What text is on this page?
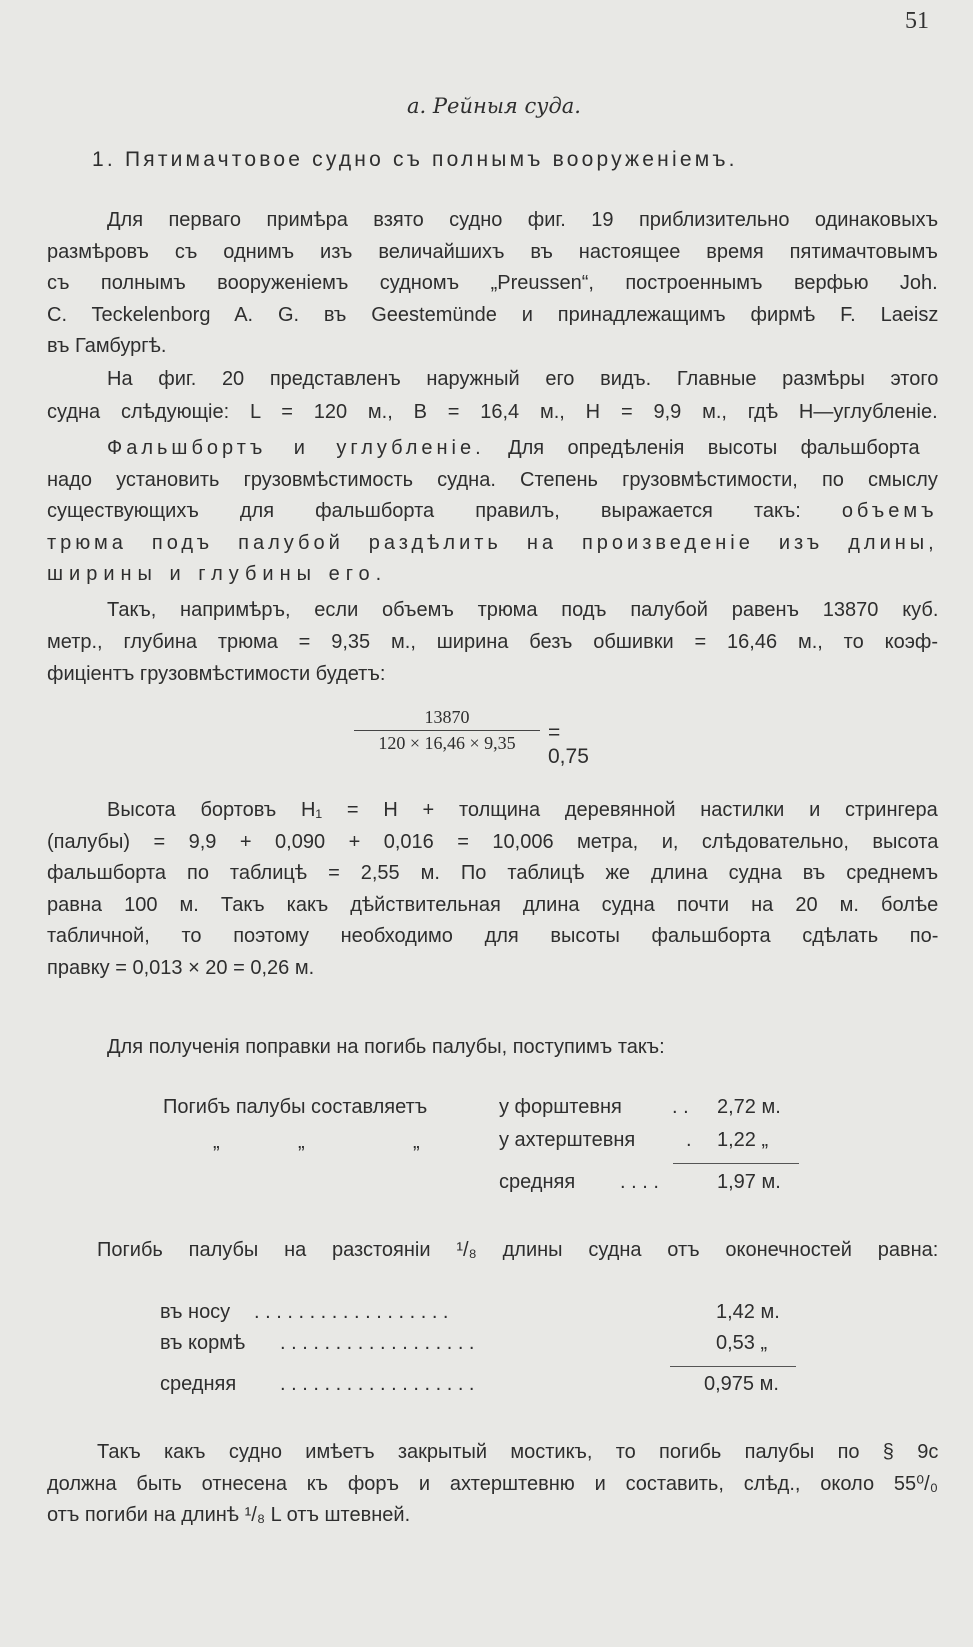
51
a. Рейныя суда.
1. Пятимачтовое судно съ полнымъ вооруженіемъ.
Для перваго примѣра взято судно фиг. 19 приблизительно одинаковыхъ
размѣровъ съ однимъ изъ величайшихъ въ настоящее время пятимачтовымъ
съ полнымъ вооруженіемъ судномъ „Preussen“, построеннымъ верфью Joh.
C. Teckelenborg A. G. въ Geestemünde и принадлежащимъ фирмѣ F. Laeisz
въ Гамбургѣ.
На фиг. 20 представленъ наружный его видъ. Главные размѣры этого
судна слѣдующіе: L = 120 м., B = 16,4 м., H = 9,9 м., гдѣ H—углубленіе.
Фальшбортъ и углубленіе. Для опредѣленія высоты фальшборта
надо установить грузовмѣстимость судна. Степень грузовмѣстимости, по смыслу
существующихъ для фальшборта правилъ, выражается такъ: объемъ
трюма подъ палубой раздѣлить на произведеніе изъ длины,
ширины и глубины его.
Такъ, напримѣръ, если объемъ трюма подъ палубой равенъ 13870 куб.
метр., глубина трюма = 9,35 м., ширина безъ обшивки = 16,46 м., то коэф-
фиціентъ грузовмѣстимости будетъ:
13870
120 × 16,46 × 9,35	= 0,75
Высота бортовъ H₁ = H + толщина деревянной настилки и стрингера
(палубы) = 9,9 + 0,090 + 0,016 = 10,006 метра, и, слѣдовательно, высота
фальшборта по таблицѣ = 2,55 м. По таблицѣ же длина судна въ среднемъ
равна 100 м. Такъ какъ дѣйствительная длина судна почти на 20 м. болѣе
табличной, то поэтому необходимо для высоты фальшборта сдѣлать по-
правку = 0,013 × 20 = 0,26 м.
Для полученія поправки на погибь палубы, поступимъ такъ:
Погибъ палубы составляетъ
„	„	„
у форштевня	. . 2,72 м.
у ахтерштевня	. 1,22 „
средняя . . . .	1,97 м.
Погибь палубы на разстояніи ¹/₈ длины судна отъ оконечностей равна:
въ носу . . . . . . . . . . . . . . . . . .	1,42 м.
въ кормѣ . . . . . . . . . . . . . . . . . .	0,53 „
средняя . . . . . . . . . . . . . . . . . .	0,975 м.
Такъ какъ судно имѣетъ закрытый мостикъ, то погибь палубы по § 9c
должна быть отнесена къ форъ и ахтерштевню и составить, слѣд., около 55⁰/₀
отъ погиби на длинѣ ¹/₈ L отъ штевней.
